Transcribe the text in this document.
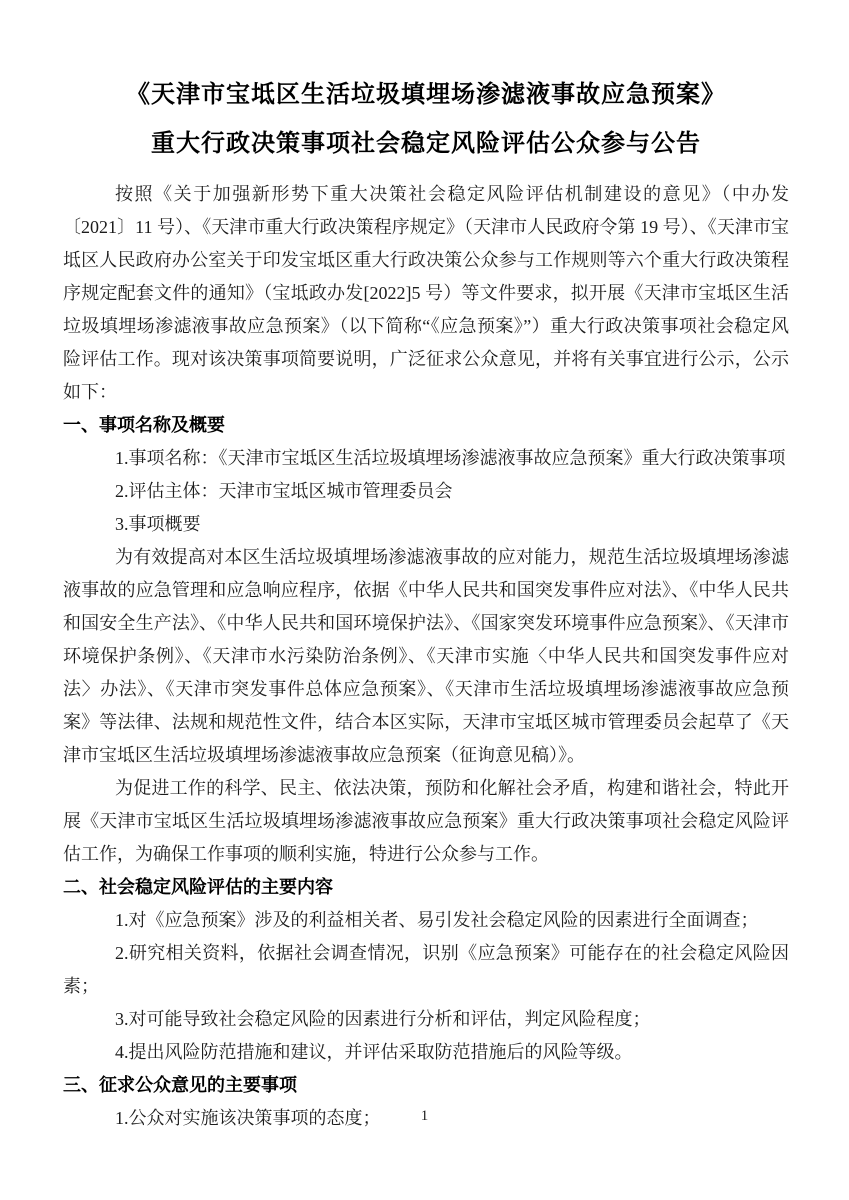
《天津市宝坻区生活垃圾填埋场渗滤液事故应急预案》
重大行政决策事项社会稳定风险评估公众参与公告

按照《关于加强新形势下重大决策社会稳定风险评估机制建设的意见》（中办发〔2021〕11 号）、《天津市重大行政决策程序规定》（天津市人民政府令第 19 号）、《天津市宝坻区人民政府办公室关于印发宝坻区重大行政决策公众参与工作规则等六个重大行政决策程序规定配套文件的通知》（宝坻政办发[2022]5 号）等文件要求，拟开展《天津市宝坻区生活垃圾填埋场渗滤液事故应急预案》（以下简称“《应急预案》”）重大行政决策事项社会稳定风险评估工作。现对该决策事项简要说明，广泛征求公众意见，并将有关事宜进行公示，公示如下：

一、事项名称及概要

1.事项名称：《天津市宝坻区生活垃圾填埋场渗滤液事故应急预案》重大行政决策事项

2.评估主体：天津市宝坻区城市管理委员会

3.事项概要

为有效提高对本区生活垃圾填埋场渗滤液事故的应对能力，规范生活垃圾填埋场渗滤液事故的应急管理和应急响应程序，依据《中华人民共和国突发事件应对法》、《中华人民共和国安全生产法》、《中华人民共和国环境保护法》、《国家突发环境事件应急预案》、《天津市环境保护条例》、《天津市水污染防治条例》、《天津市实施〈中华人民共和国突发事件应对法〉办法》、《天津市突发事件总体应急预案》、《天津市生活垃圾填埋场渗滤液事故应急预案》等法律、法规和规范性文件，结合本区实际，天津市宝坻区城市管理委员会起草了《天津市宝坻区生活垃圾填埋场渗滤液事故应急预案（征询意见稿）》。

为促进工作的科学、民主、依法决策，预防和化解社会矛盾，构建和谐社会，特此开展《天津市宝坻区生活垃圾填埋场渗滤液事故应急预案》重大行政决策事项社会稳定风险评估工作，为确保工作事项的顺利实施，特进行公众参与工作。

二、社会稳定风险评估的主要内容

1.对《应急预案》涉及的利益相关者、易引发社会稳定风险的因素进行全面调查；

2.研究相关资料，依据社会调查情况，识别《应急预案》可能存在的社会稳定风险因素；

3.对可能导致社会稳定风险的因素进行分析和评估，判定风险程度；

4.提出风险防范措施和建议，并评估采取防范措施后的风险等级。

三、征求公众意见的主要事项

1.公众对实施该决策事项的态度；	1
